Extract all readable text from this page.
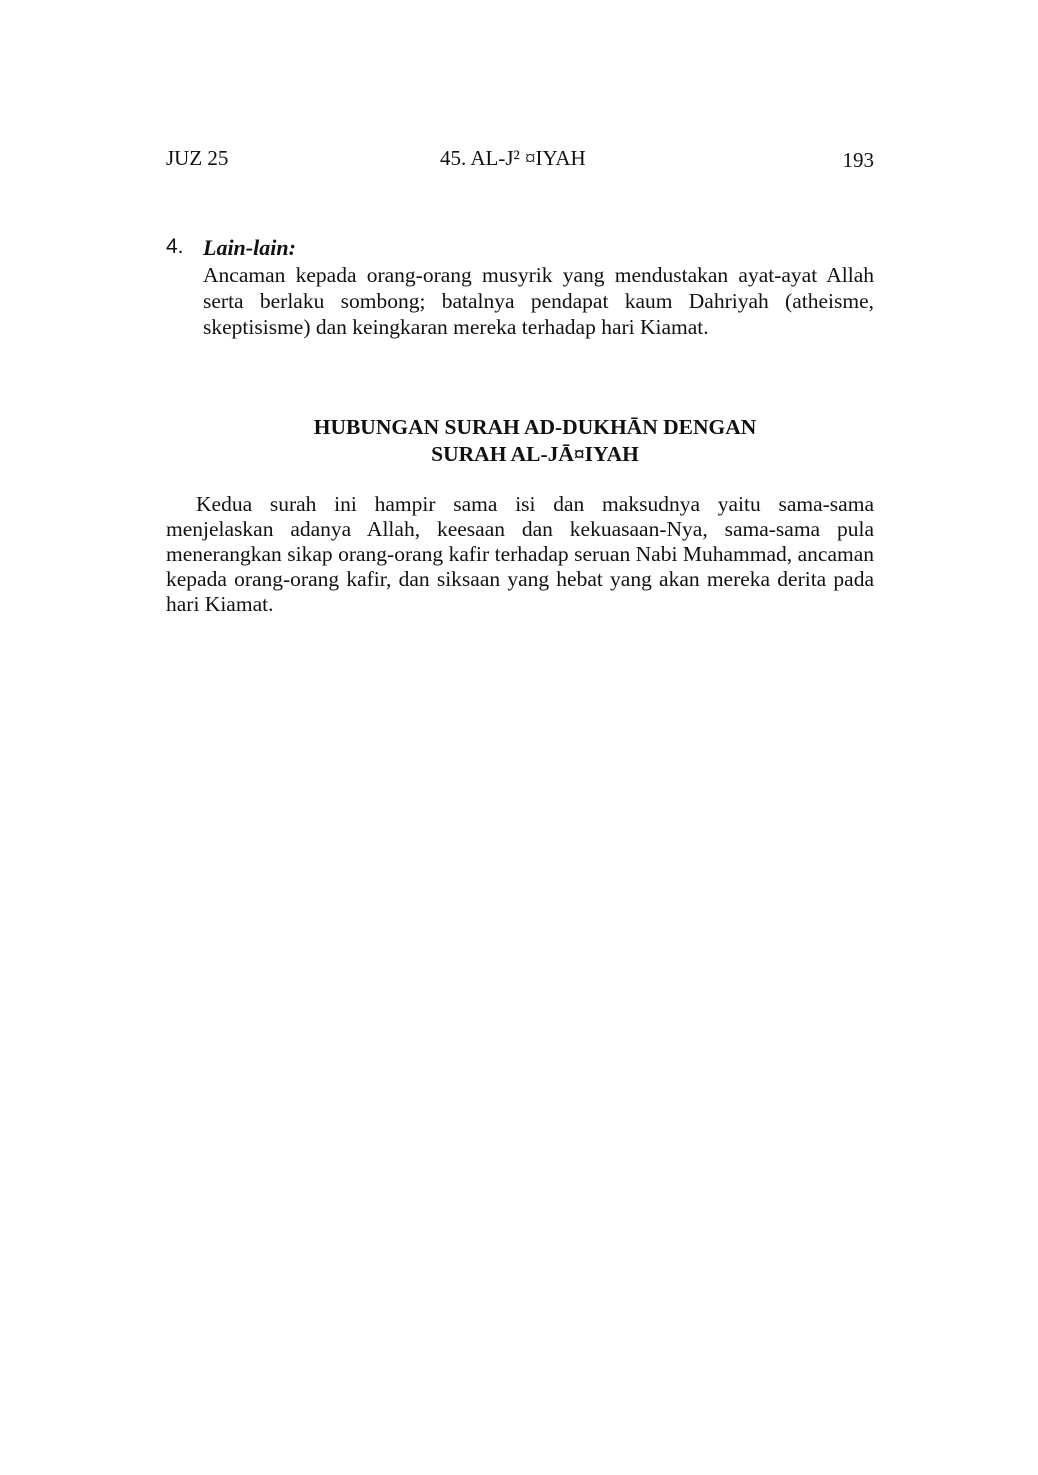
JUZ 25	45. AL-J² ¤IYAH	193
4. Lain-lain:
Ancaman kepada orang-orang musyrik yang mendustakan ayat-ayat Allah serta berlaku sombong; batalnya pendapat kaum Dahriyah (atheisme, skeptisisme) dan keingkaran mereka terhadap hari Kiamat.
HUBUNGAN SURAH AD-DUKHĀN DENGAN
SURAH AL-JĀ¤IYAH
Kedua surah ini hampir sama isi dan maksudnya yaitu sama-sama menjelaskan adanya Allah, keesaan dan kekuasaan-Nya, sama-sama pula menerangkan sikap orang-orang kafir terhadap seruan Nabi Muhammad, ancaman kepada orang-orang kafir, dan siksaan yang hebat yang akan mereka derita pada hari Kiamat.
